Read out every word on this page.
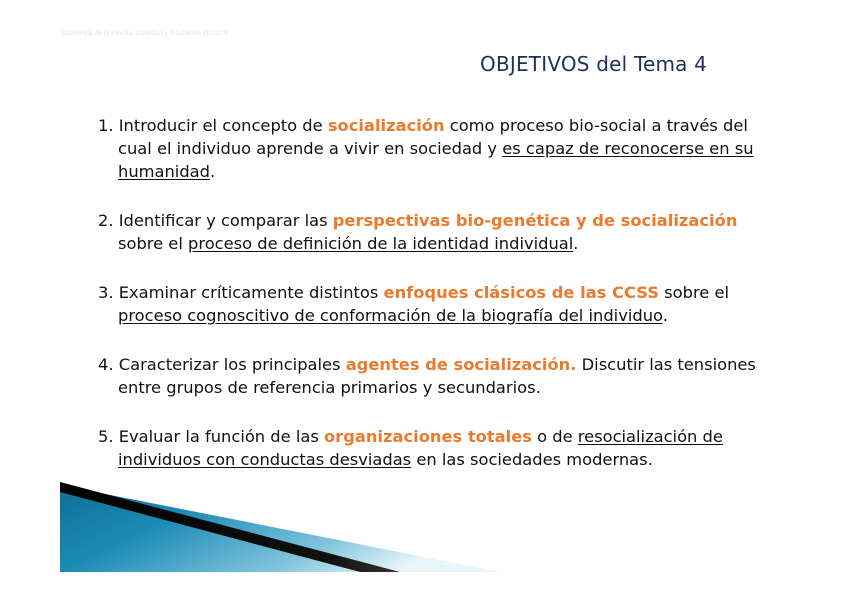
Sociología de la Familia, Juventud y Educación 2013/14
OBJETIVOS del Tema 4

1. Introducir el concepto de socialización como proceso bio-social a través del cual el individuo aprende a vivir en sociedad y es capaz de reconocerse en su humanidad.

2. Identificar y comparar las perspectivas bio-genética y de socialización sobre el proceso de definición de la identidad individual.

3. Examinar críticamente distintos enfoques clásicos de las CCSS sobre el proceso cognoscitivo de conformación de la biografía del individuo.

4. Caracterizar los principales agentes de socialización. Discutir las tensiones entre grupos de referencia primarios y secundarios.

5. Evaluar la función de las organizaciones totales o de resocialización de individuos con conductas desviadas en las sociedades modernas.
